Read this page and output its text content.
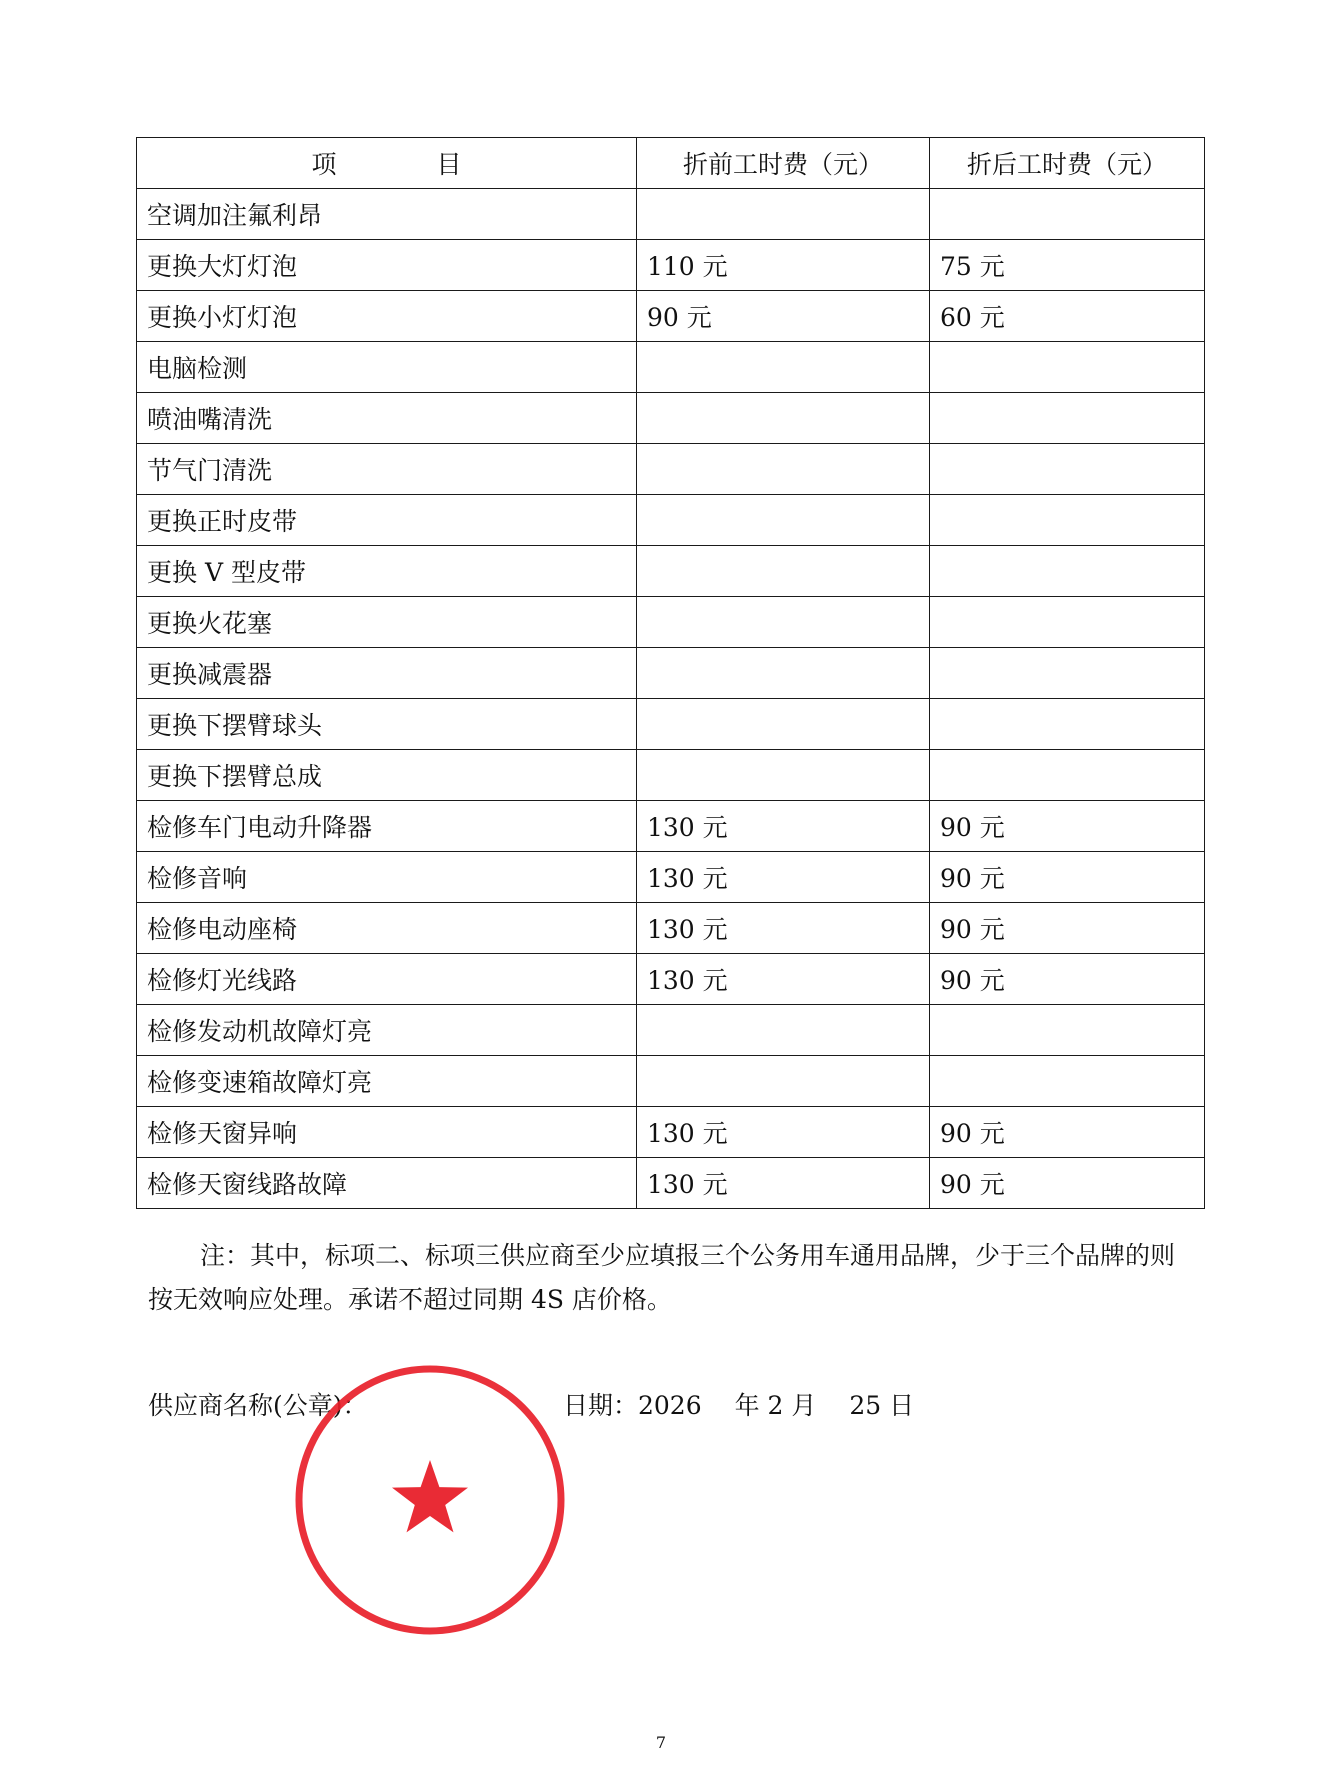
项　　　　目	折前工时费（元）	折后工时费（元）
空调加注氟利昂		
更换大灯灯泡	110 元	75 元
更换小灯灯泡	90 元	60 元
电脑检测		
喷油嘴清洗		
节气门清洗		
更换正时皮带		
更换 V 型皮带		
更换火花塞		
更换减震器		
更换下摆臂球头		
更换下摆臂总成		
检修车门电动升降器	130 元	90 元
检修音响	130 元	90 元
检修电动座椅	130 元	90 元
检修灯光线路	130 元	90 元
检修发动机故障灯亮		
检修变速箱故障灯亮		
检修天窗异响	130 元	90 元
检修天窗线路故障	130 元	90 元
注：其中，标项二、标项三供应商至少应填报三个公务用车通用品牌，少于三个品牌的则按无效响应处理。承诺不超过同期 4S 店价格。
供应商名称(公章)：	日期：2026　 年 2 月　 25 日
7
